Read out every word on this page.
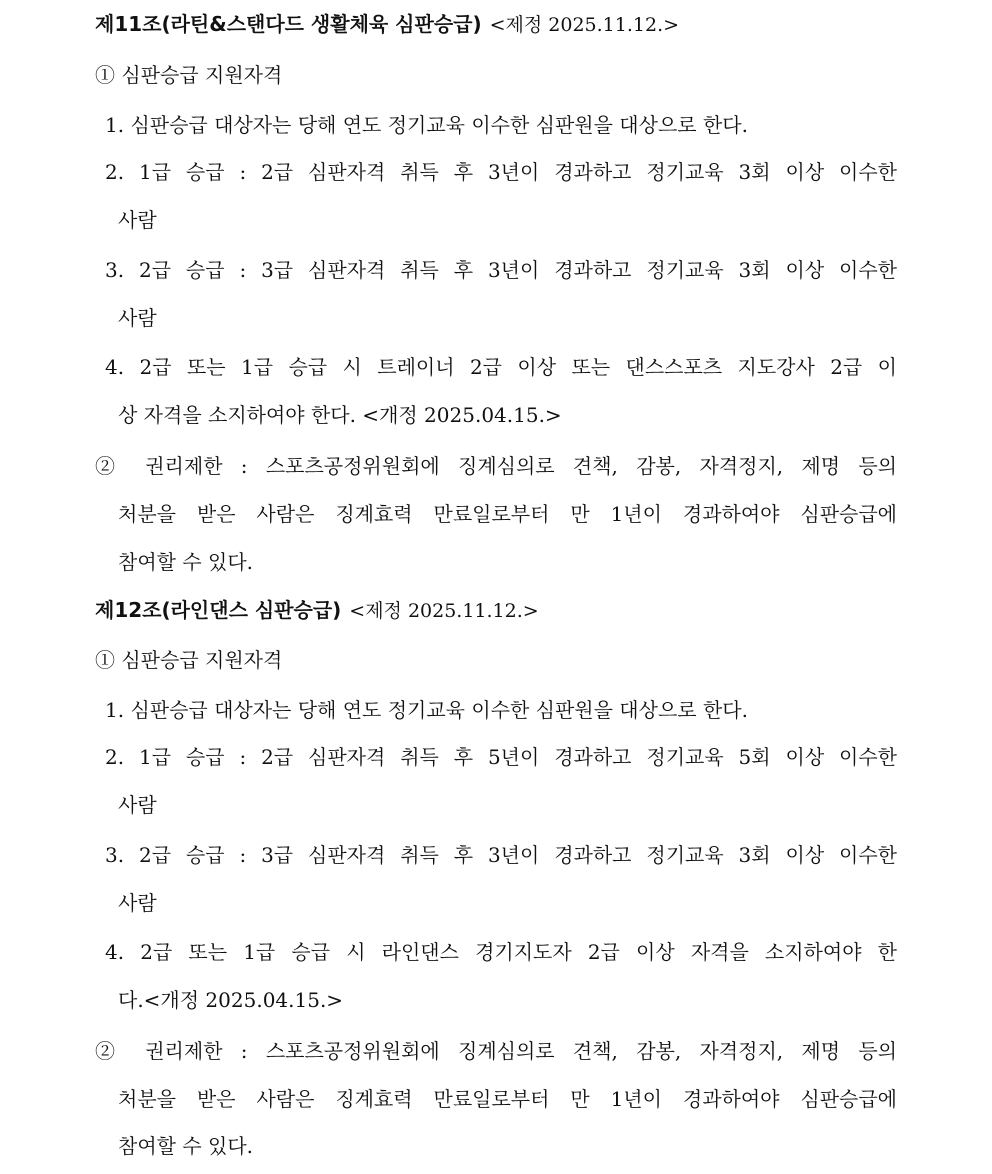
제11조(라틴&스탠다드 생활체육 심판승급) <제정 2025.11.12.>
① 심판승급 지원자격
1. 심판승급 대상자는 당해 연도 정기교육 이수한 심판원을 대상으로 한다.
2. 1급 승급 : 2급 심판자격 취득 후 3년이 경과하고 정기교육 3회 이상 이수한
사람
3. 2급 승급 : 3급 심판자격 취득 후 3년이 경과하고 정기교육 3회 이상 이수한
사람
4. 2급 또는 1급 승급 시 트레이너 2급 이상 또는 댄스스포츠 지도강사 2급 이
상 자격을 소지하여야 한다. <개정 2025.04.15.>
② 권리제한 : 스포츠공정위원회에 징계심의로 견책, 감봉, 자격정지, 제명 등의
처분을 받은 사람은 징계효력 만료일로부터 만 1년이 경과하여야 심판승급에
참여할 수 있다.
제12조(라인댄스 심판승급) <제정 2025.11.12.>
① 심판승급 지원자격
1. 심판승급 대상자는 당해 연도 정기교육 이수한 심판원을 대상으로 한다.
2. 1급 승급 : 2급 심판자격 취득 후 5년이 경과하고 정기교육 5회 이상 이수한
사람
3. 2급 승급 : 3급 심판자격 취득 후 3년이 경과하고 정기교육 3회 이상 이수한
사람
4. 2급 또는 1급 승급 시 라인댄스 경기지도자 2급 이상 자격을 소지하여야 한
다.<개정 2025.04.15.>
② 권리제한 : 스포츠공정위원회에 징계심의로 견책, 감봉, 자격정지, 제명 등의
처분을 받은 사람은 징계효력 만료일로부터 만 1년이 경과하여야 심판승급에
참여할 수 있다.
